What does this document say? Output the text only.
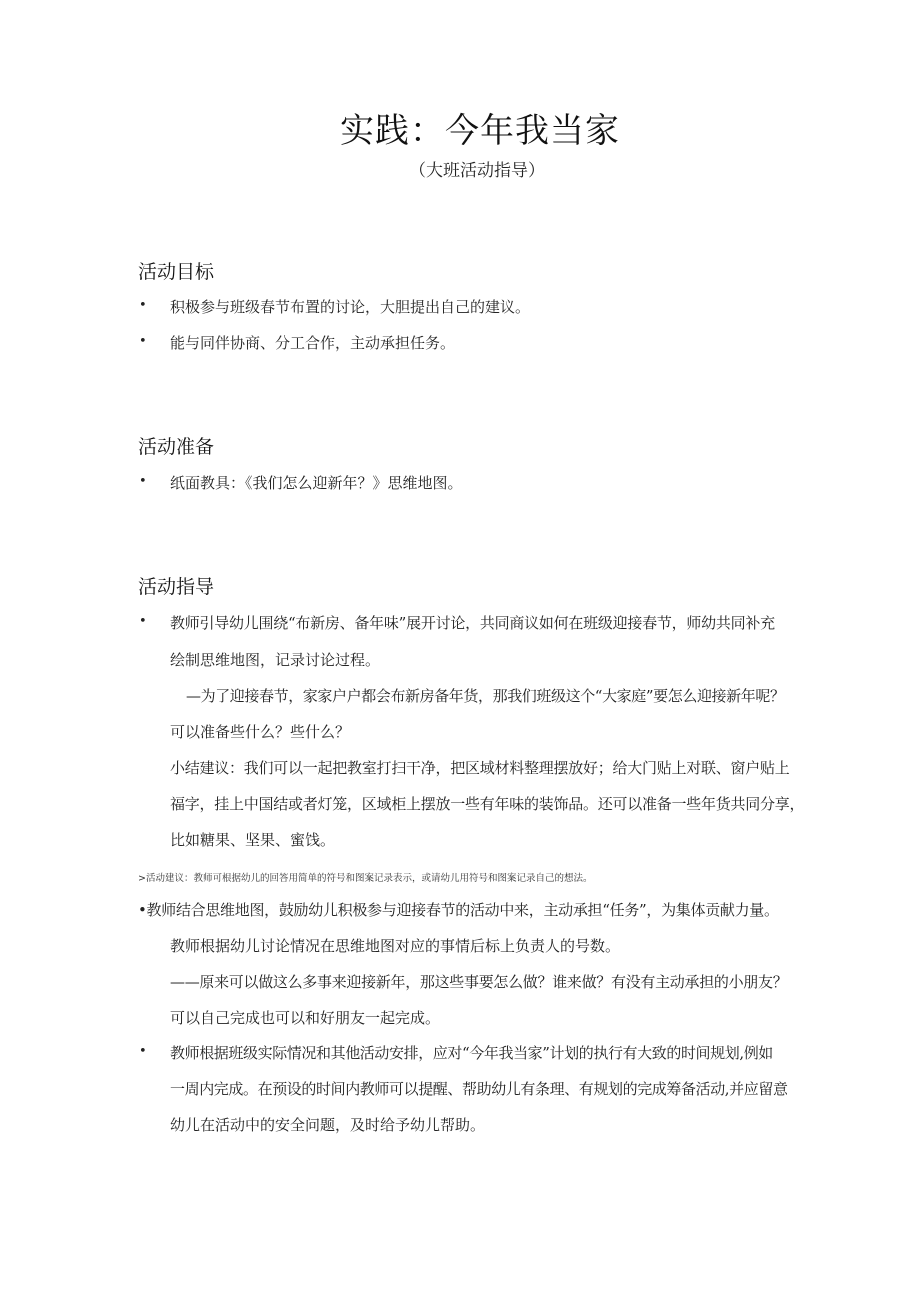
实践：今年我当家
（大班活动指导）
活动目标
• 积极参与班级春节布置的讨论，大胆提出自己的建议。
• 能与同伴协商、分工合作，主动承担任务。
活动准备
• 纸面教具：《我们怎么迎新年？》思维地图。
活动指导
• 教师引导幼儿围绕“布新房、备年味”展开讨论，共同商议如何在班级迎接春节，师幼共同补充
绘制思维地图，记录讨论过程。
—为了迎接春节，家家户户都会布新房备年货，那我们班级这个“大家庭”要怎么迎接新年呢？
可以准备些什么？些什么？
小结建议：我们可以一起把教室打扫干净，把区域材料整理摆放好；给大门贴上对联、窗户贴上
福字，挂上中国结或者灯笼，区域柜上摆放一些有年味的装饰品。还可以准备一些年货共同分享，
比如糖果、坚果、蜜饯。
>活动建议：教师可根据幼儿的回答用简单的符号和图案记录表示，或请幼儿用符号和图案记录自己的想法。
•教师结合思维地图，鼓励幼儿积极参与迎接春节的活动中来，主动承担“任务”，为集体贡献力量。
教师根据幼儿讨论情况在思维地图对应的事情后标上负责人的号数。
——原来可以做这么多事来迎接新年，那这些事要怎么做？谁来做？有没有主动承担的小朋友？
可以自己完成也可以和好朋友一起完成。
• 教师根据班级实际情况和其他活动安排，应对“今年我当家”计划的执行有大致的时间规划,例如
一周内完成。在预设的时间内教师可以提醒、帮助幼儿有条理、有规划的完成筹备活动,并应留意
幼儿在活动中的安全问题，及时给予幼儿帮助。
